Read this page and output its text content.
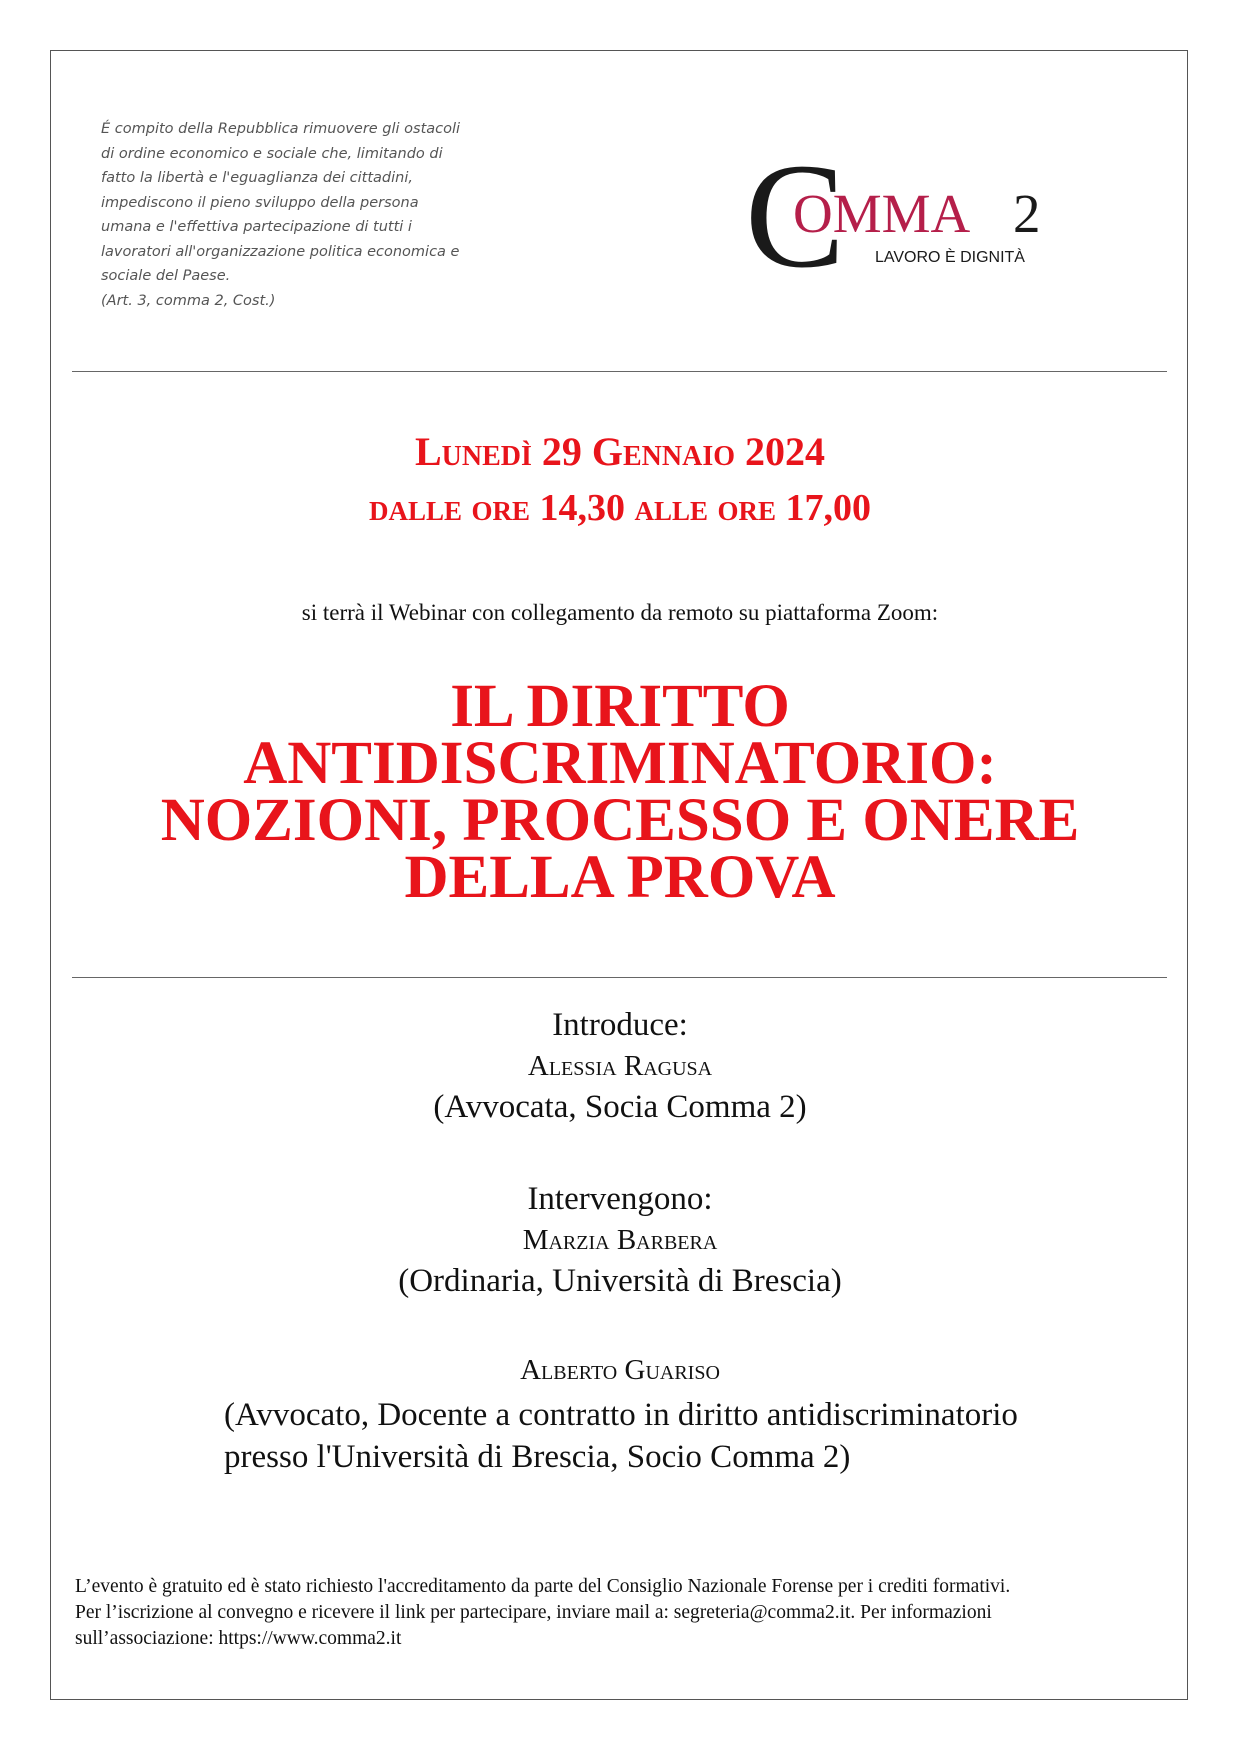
É compito della Repubblica rimuovere gli ostacoli
di ordine economico e sociale che, limitando di
fatto la libertà e l'eguaglianza dei cittadini,
impediscono il pieno sviluppo della persona
umana e l'effettiva partecipazione di tutti i
lavoratori all'organizzazione politica economica e
sociale del Paese.
(Art. 3, comma 2, Cost.)
C
OMMA 2
LAVORO È DIGNITÀ
Lunedì 29 Gennaio 2024
dalle ore 14,30 alle ore 17,00
si terrà il Webinar con collegamento da remoto su piattaforma Zoom:
IL DIRITTO
ANTIDISCRIMINATORIO:
NOZIONI, PROCESSO E ONERE
DELLA PROVA
Introduce:
Alessia Ragusa
(Avvocata, Socia Comma 2)
Intervengono:
Marzia Barbera
(Ordinaria, Università di Brescia)
Alberto Guariso
(Avvocato, Docente a contratto in diritto antidiscriminatorio
presso l'Università di Brescia, Socio Comma 2)
L’evento è gratuito ed è stato richiesto l'accreditamento da parte del Consiglio Nazionale Forense per i crediti formativi.
Per l’iscrizione al convegno e ricevere il link per partecipare, inviare mail a: segreteria@comma2.it. Per informazioni
sull’associazione: https://www.comma2.it
